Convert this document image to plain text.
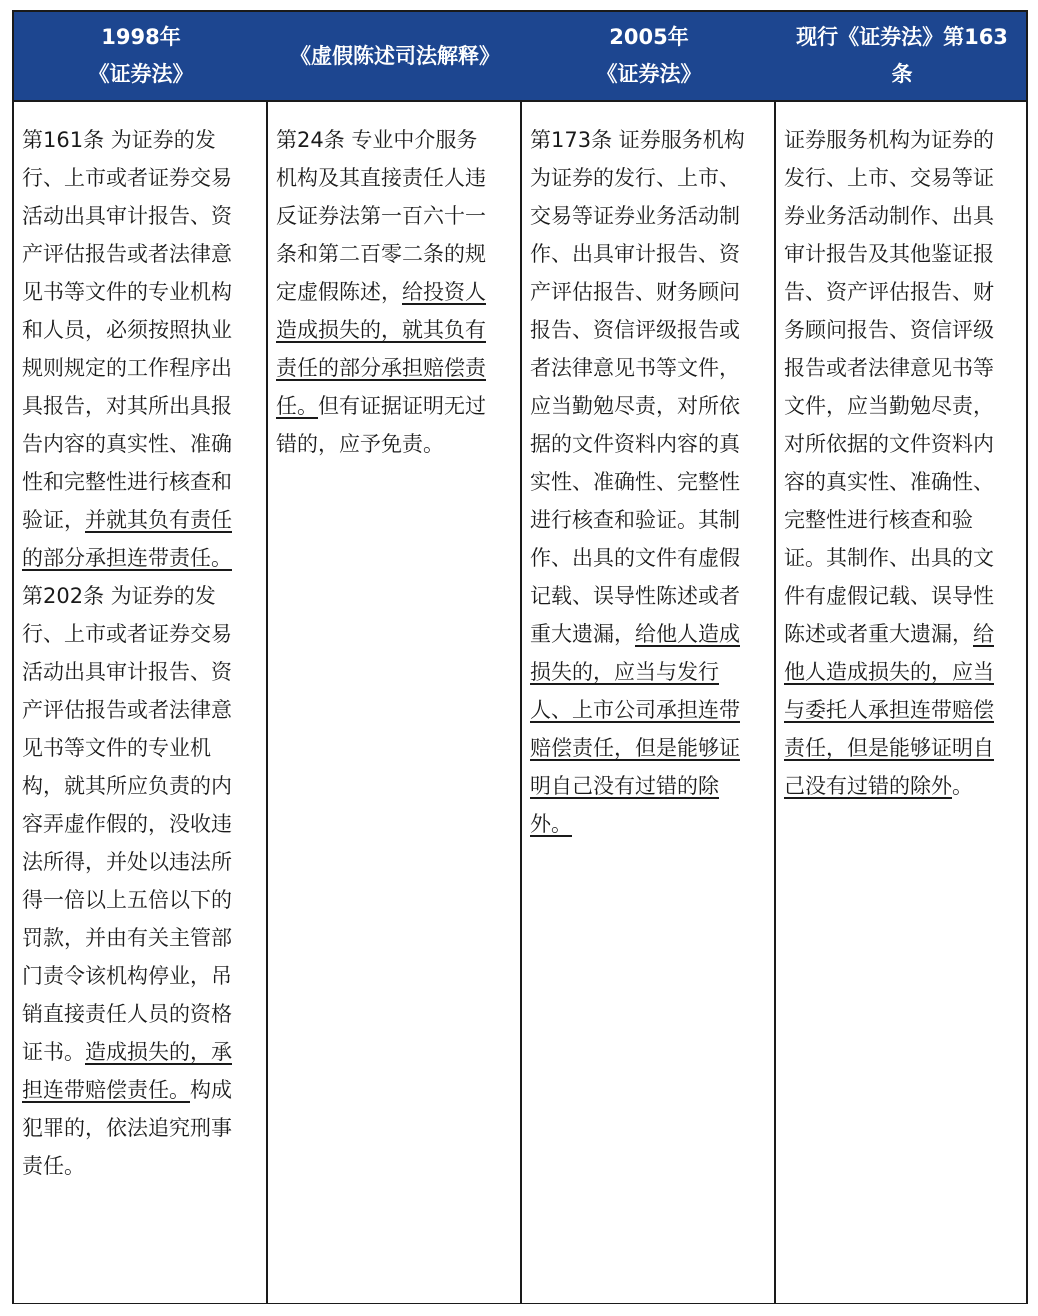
1998年
《证券法》
《虚假陈述司法解释》
2005年
《证券法》
现行《证券法》第163
条

第161条 为证券的发行、上市或者证券交易活动出具审计报告、资产评估报告或者法律意见书等文件的专业机构和人员，必须按照执业规则规定的工作程序出具报告，对其所出具报告内容的真实性、准确性和完整性进行核查和验证，并就其负有责任的部分承担连带责任。

第202条 为证券的发行、上市或者证券交易活动出具审计报告、资产评估报告或者法律意见书等文件的专业机构，就其所应负责的内容弄虚作假的，没收违法所得，并处以违法所得一倍以上五倍以下的罚款，并由有关主管部门责令该机构停业，吊销直接责任人员的资格证书。造成损失的，承担连带赔偿责任。构成犯罪的，依法追究刑事责任。

第24条 专业中介服务机构及其直接责任人违反证券法第一百六十一条和第二百零二条的规定虚假陈述，给投资人造成损失的，就其负有责任的部分承担赔偿责任。但有证据证明无过错的，应予免责。

第173条 证券服务机构为证券的发行、上市、交易等证券业务活动制作、出具审计报告、资产评估报告、财务顾问报告、资信评级报告或者法律意见书等文件，应当勤勉尽责，对所依据的文件资料内容的真实性、准确性、完整性进行核查和验证。其制作、出具的文件有虚假记载、误导性陈述或者重大遗漏，给他人造成损失的，应当与发行人、上市公司承担连带赔偿责任，但是能够证明自己没有过错的除外。

证券服务机构为证券的发行、上市、交易等证券业务活动制作、出具审计报告及其他鉴证报告、资产评估报告、财务顾问报告、资信评级报告或者法律意见书等文件，应当勤勉尽责，对所依据的文件资料内容的真实性、准确性、完整性进行核查和验证。其制作、出具的文件有虚假记载、误导性陈述或者重大遗漏，给他人造成损失的，应当与委托人承担连带赔偿责任，但是能够证明自己没有过错的除外。
